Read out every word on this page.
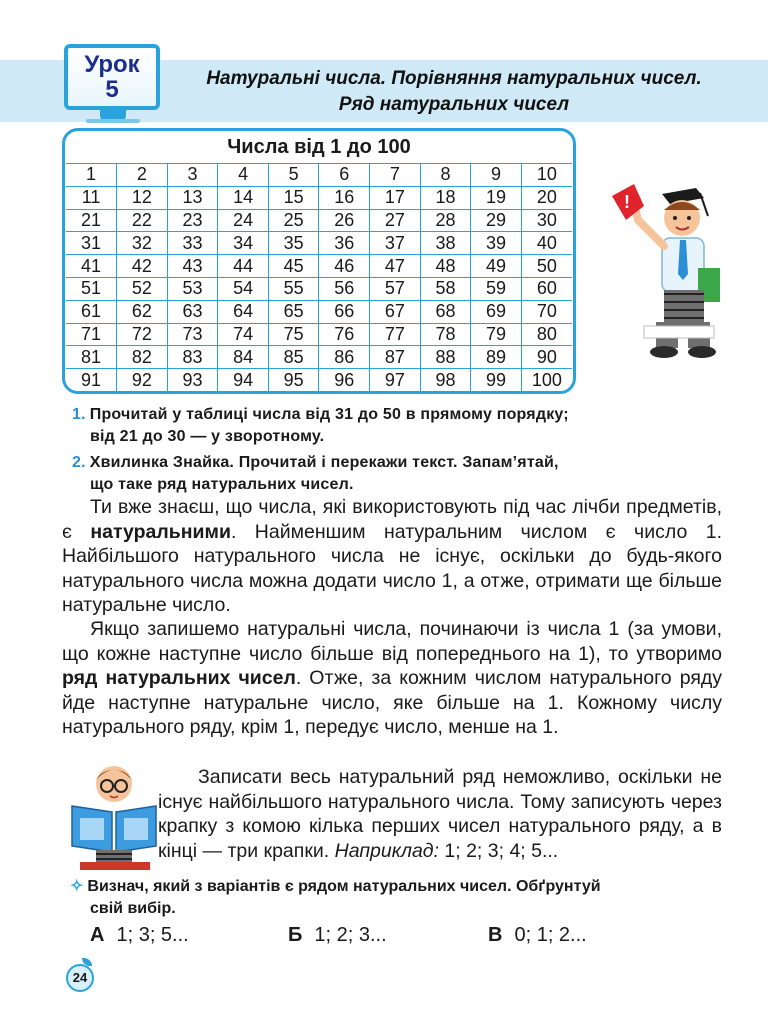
Урок
5	Натуральні числа. Порівняння натуральних чисел.
Ряд натуральних чисел
Числа від 1 до 100
1	2	3	4	5	6	7	8	9	10
11	12	13	14	15	16	17	18	19	20
21	22	23	24	25	26	27	28	29	30
31	32	33	34	35	36	37	38	39	40
41	42	43	44	45	46	47	48	49	50
51	52	53	54	55	56	57	58	59	60
61	62	63	64	65	66	67	68	69	70
71	72	73	74	75	76	77	78	79	80
81	82	83	84	85	86	87	88	89	90
91	92	93	94	95	96	97	98	99	100
!
1. Прочитай у таблиці числа від 31 до 50 в прямому порядку;
від 21 до 30 — у зворотному.
2. Хвилинка Знайка. Прочитай і перекажи текст. Запам’ятай,
що таке ряд натуральних чисел.

Ти вже знаєш, що числа, які використовують під час лічби предметів, є натуральними. Найменшим натуральним числом є число 1. Найбільшого натурального числа не існує, оскільки до будь-якого натурального числа можна додати число 1, а отже, отримати ще більше натуральне число.

Якщо запишемо натуральні числа, починаючи із числа 1 (за умови, що кожне наступне число більше від попереднього на 1), то утворимо ряд натуральних чисел. Отже, за кожним числом натурального ряду йде наступне натуральне число, яке більше на 1. Кожному числу натурального ряду, крім 1, передує число, менше на 1.

Записати весь натуральний ряд неможливо, оскільки не існує найбільшого натурального числа. Тому записують через крапку з комою кілька перших чисел натурального ряду, а в кінці — три крапки. Наприклад: 1; 2; 3; 4; 5...

✧ Визнач, який з варіантів є рядом натуральних чисел. Обґрунтуй
свій вибір.
А 1; 3; 5...	Б 1; 2; 3...	В 0; 1; 2...
24
